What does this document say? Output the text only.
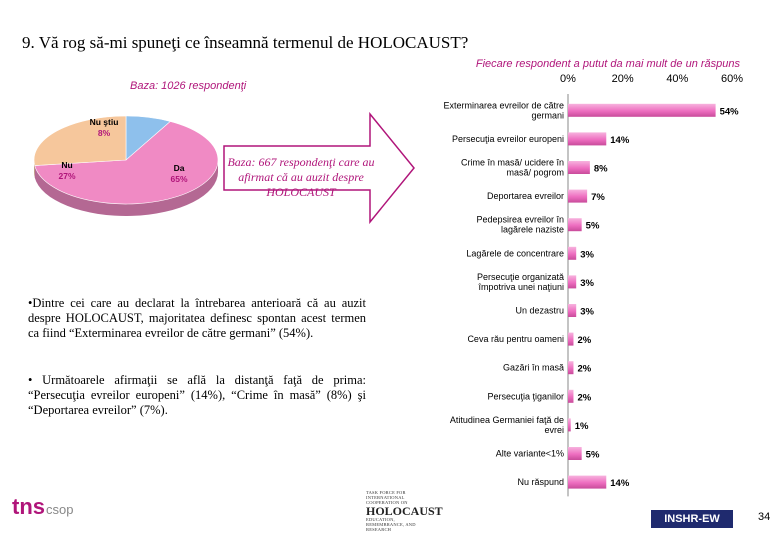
9. Vă rog să-mi spuneţi ce înseamnă termenul de HOLOCAUST?
Fiecare respondent a putut da mai mult de un răspuns
Baza: 1026 respondenţi
Nu ştiu
8%
Da
65%
Nu
27%
Baza: 667 respondenţi care au afirmat că au auzit despre HOLOCAUST
•Dintre cei care au declarat la întrebarea anterioară că au auzit despre HOLOCAUST, majoritatea definesc spontan acest termen ca fiind “Exterminarea evreilor de către germani” (54%).
• Următoarele afirmaţii se află la distanţă faţă de prima: “Persecuţia evreilor europeni” (14%), “Crime în masă” (8%) şi “Deportarea evreilor” (7%).
0%	20%	40%	60%
Exterminarea evreilor de către germani	54%
Persecuţia evreilor europeni	14%
Crime în masă/ ucidere în masă/ pogrom	8%
Deportarea evreilor	7%
Pedepsirea evreilor în lagărele naziste 5%
Lagărele de concentrare 3%
Persecuţie organizată împotriva unei naţiuni 3%
Un dezastru 3%
Ceva rău pentru oameni 2%
Gazări în masă 2%
Persecuţia ţiganilor 2%
Atitudinea Germaniei faţă de evrei 1%
Alte variante<1% 5%
Nu răspund	14%
tnscsop
TASK FORCE FOR INTERNATIONAL COOPERATION ON
HOLOCAUST
EDUCATION, REMEMBRANCE, AND RESEARCH
INSHR-EW	34
